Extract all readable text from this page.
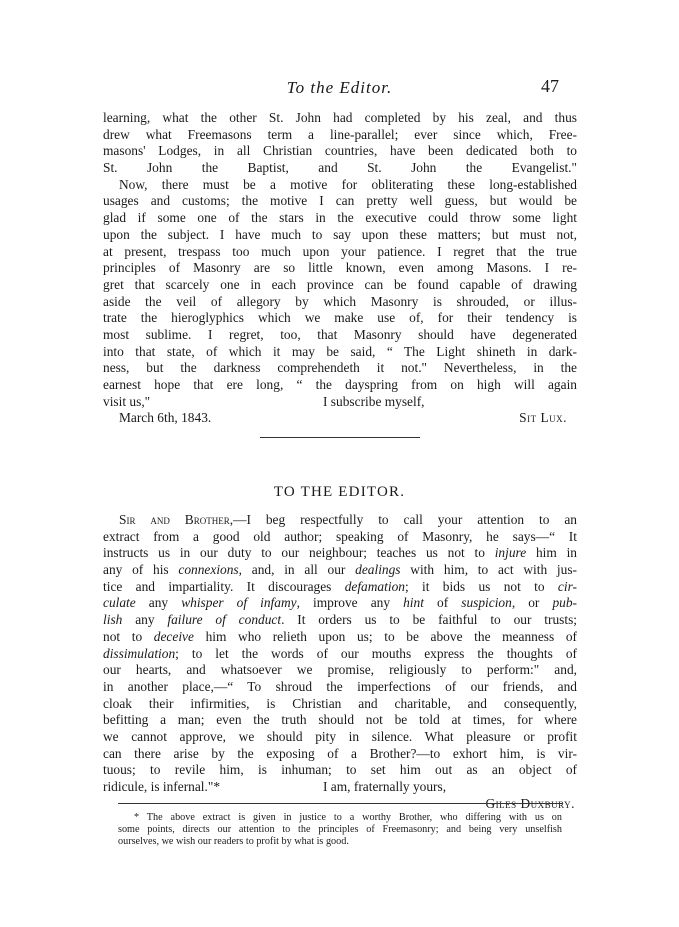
To the Editor.	47
learning, what the other St. John had completed by his zeal, and thus
drew what Freemasons term a line-parallel; ever since which, Free-
masons' Lodges, in all Christian countries, have been dedicated both to
St. John the Baptist, and St. John the Evangelist."
Now, there must be a motive for obliterating these long-established
usages and customs; the motive I can pretty well guess, but would be
glad if some one of the stars in the executive could throw some light
upon the subject. I have much to say upon these matters; but must not,
at present, trespass too much upon your patience. I regret that the true
principles of Masonry are so little known, even among Masons. I re-
gret that scarcely one in each province can be found capable of drawing
aside the veil of allegory by which Masonry is shrouded, or illus-
trate the hieroglyphics which we make use of, for their tendency is
most sublime. I regret, too, that Masonry should have degenerated
into that state, of which it may be said, “ The Light shineth in dark-
ness, but the darkness comprehendeth it not." Nevertheless, in the
earnest hope that ere long, “ the dayspring from on high will again
visit us,"	I subscribe myself,
March 6th, 1843.	Sit Lux.
TO THE EDITOR.
Sir and Brother,—I beg respectfully to call your attention to an
extract from a good old author; speaking of Masonry, he says—“ It
instructs us in our duty to our neighbour; teaches us not to injure him in
any of his connexions, and, in all our dealings with him, to act with jus-
tice and impartiality. It discourages defamation; it bids us not to cir-
culate any whisper of infamy, improve any hint of suspicion, or pub-
lish any failure of conduct. It orders us to be faithful to our trusts;
not to deceive him who relieth upon us; to be above the meanness of
dissimulation; to let the words of our mouths express the thoughts of
our hearts, and whatsoever we promise, religiously to perform:" and,
in another place,—“ To shroud the imperfections of our friends, and
cloak their infirmities, is Christian and charitable, and consequently,
befitting a man; even the truth should not be told at times, for where
we cannot approve, we should pity in silence. What pleasure or profit
can there arise by the exposing of a Brother?—to exhort him, is vir-
tuous; to revile him, is inhuman; to set him out as an object of
ridicule, is infernal."*	I am, fraternally yours,
Giles Duxbury.
* The above extract is given in justice to a worthy Brother, who differing with us on
some points, directs our attention to the principles of Freemasonry; and being very unselfish
ourselves, we wish our readers to profit by what is good.
